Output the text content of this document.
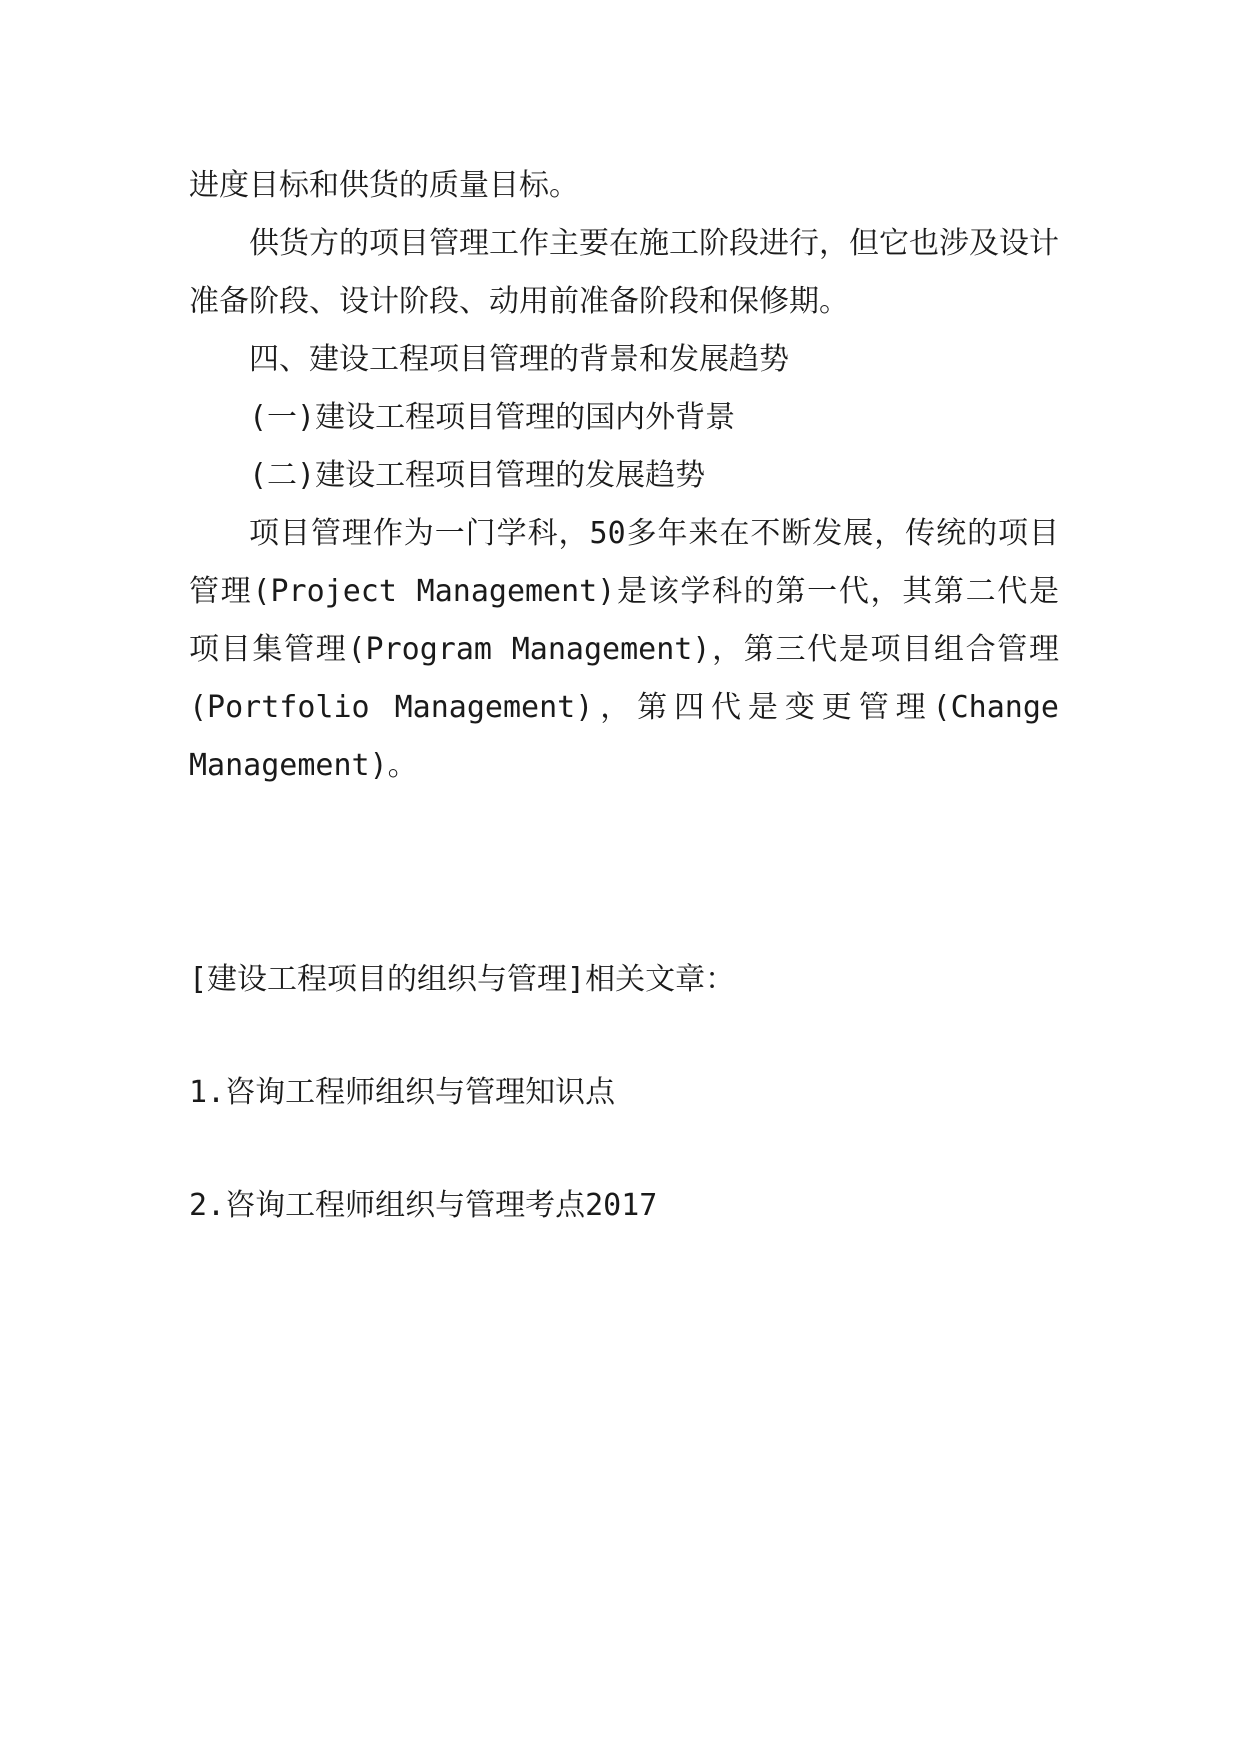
进度目标和供货的质量目标。

供货方的项目管理工作主要在施工阶段进行，但它也涉及设计准备阶段、设计阶段、动用前准备阶段和保修期。

四、建设工程项目管理的背景和发展趋势

(一)建设工程项目管理的国内外背景

(二)建设工程项目管理的发展趋势

项目管理作为一门学科，50多年来在不断发展，传统的项目管理(Project Management)是该学科的第一代，其第二代是项目集管理(Program Management)，第三代是项目组合管理(Portfolio Management)，第四代是变更管理(Change Management)。

[建设工程项目的组织与管理]相关文章：

1.咨询工程师组织与管理知识点

2.咨询工程师组织与管理考点2017
